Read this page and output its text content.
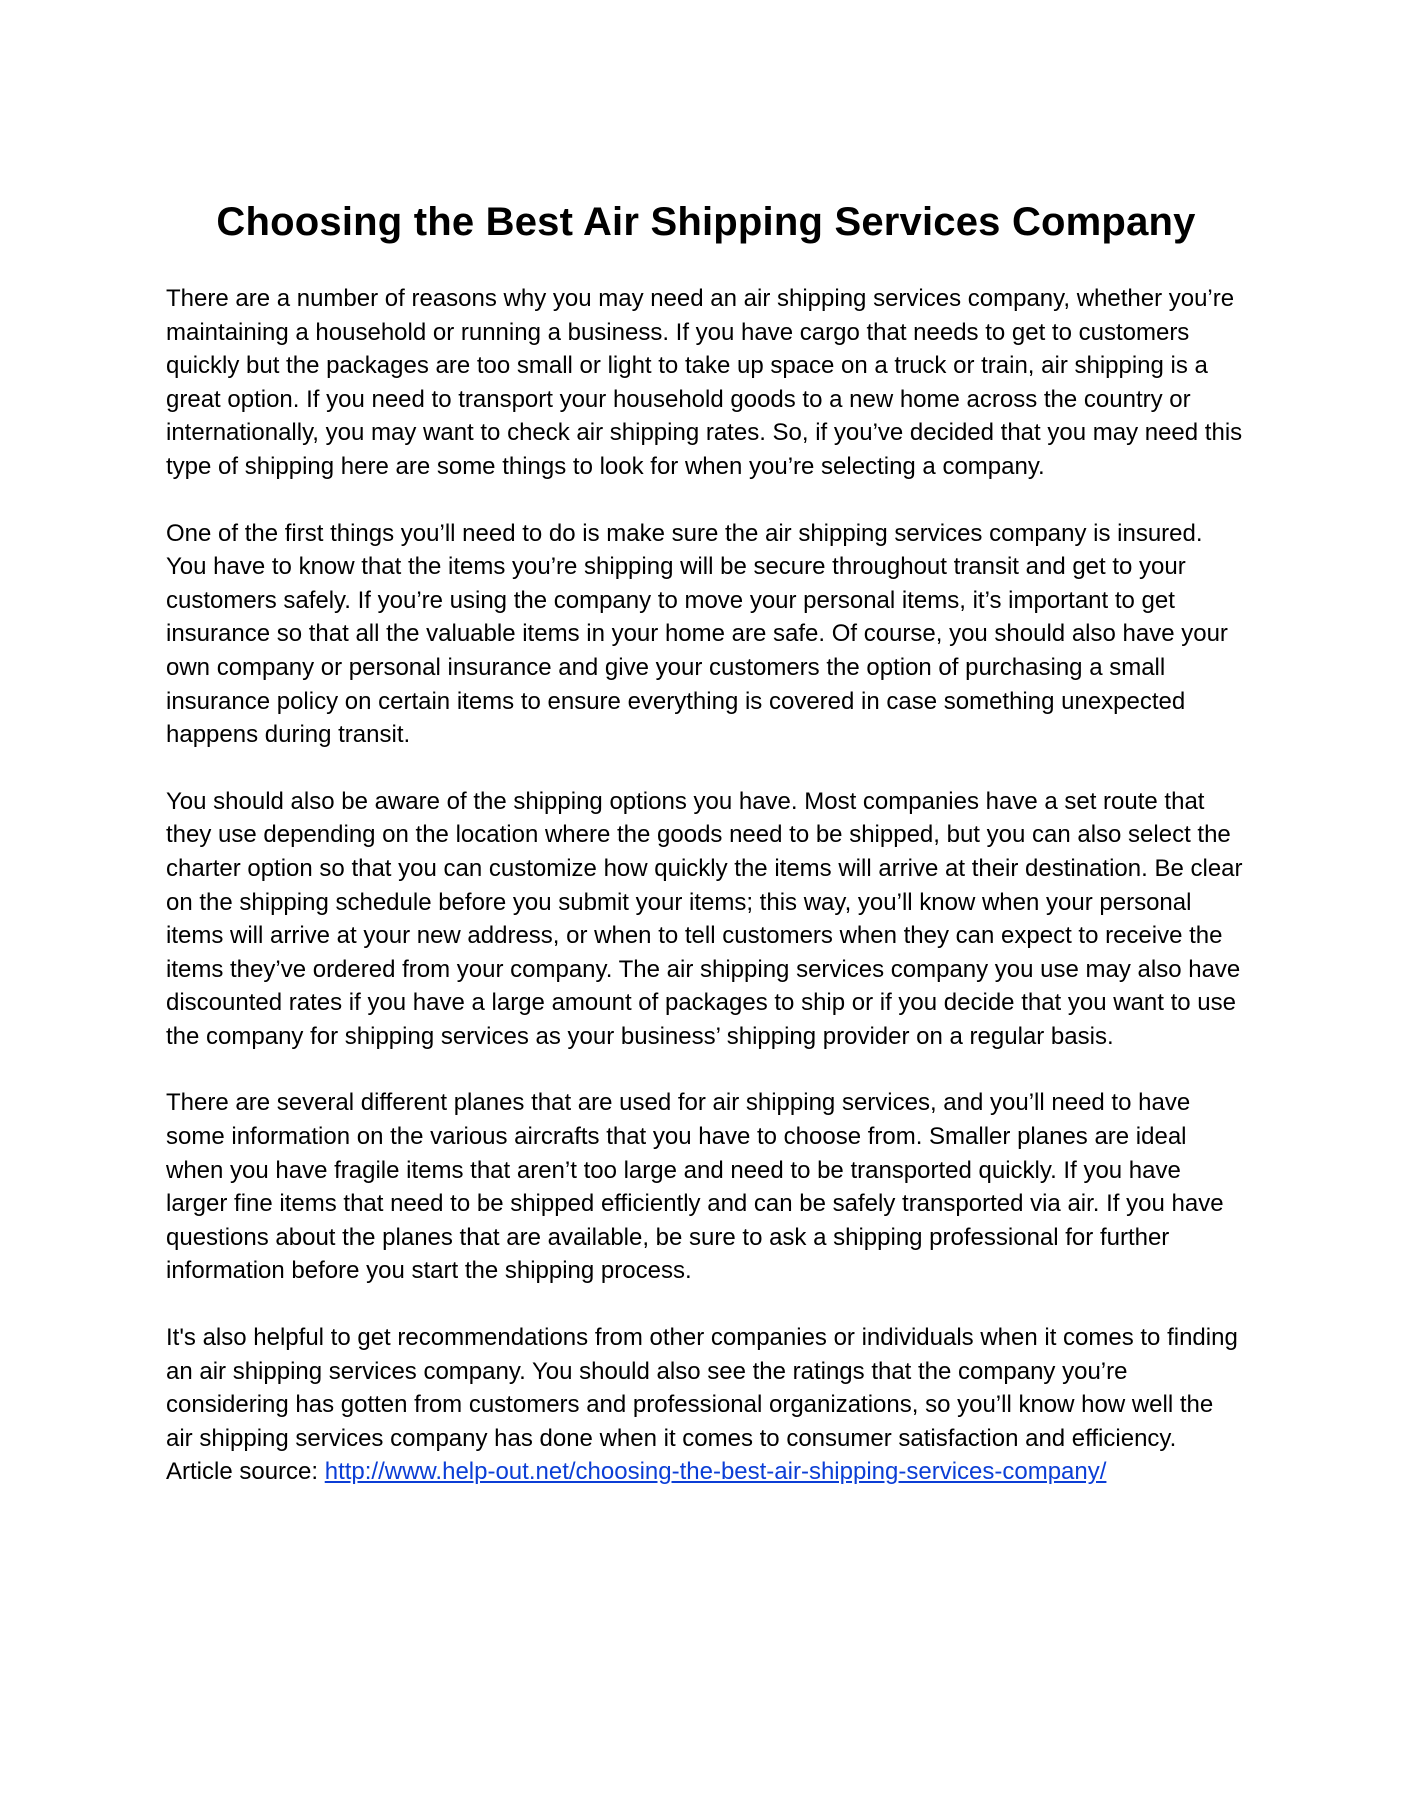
Choosing the Best Air Shipping Services Company

There are a number of reasons why you may need an air shipping services company, whether you’re maintaining a household or running a business. If you have cargo that needs to get to customers quickly but the packages are too small or light to take up space on a truck or train, air shipping is a great option. If you need to transport your household goods to a new home across the country or internationally, you may want to check air shipping rates. So, if you’ve decided that you may need this type of shipping here are some things to look for when you’re selecting a company.

One of the first things you’ll need to do is make sure the air shipping services company is insured. You have to know that the items you’re shipping will be secure throughout transit and get to your customers safely. If you’re using the company to move your personal items, it’s important to get insurance so that all the valuable items in your home are safe. Of course, you should also have your own company or personal insurance and give your customers the option of purchasing a small insurance policy on certain items to ensure everything is covered in case something unexpected happens during transit.

You should also be aware of the shipping options you have. Most companies have a set route that they use depending on the location where the goods need to be shipped, but you can also select the charter option so that you can customize how quickly the items will arrive at their destination. Be clear on the shipping schedule before you submit your items; this way, you’ll know when your personal items will arrive at your new address, or when to tell customers when they can expect to receive the items they’ve ordered from your company. The air shipping services company you use may also have discounted rates if you have a large amount of packages to ship or if you decide that you want to use the company for shipping services as your business’ shipping provider on a regular basis.

There are several different planes that are used for air shipping services, and you’ll need to have some information on the various aircrafts that you have to choose from. Smaller planes are ideal when you have fragile items that aren’t too large and need to be transported quickly. If you have larger fine items that need to be shipped efficiently and can be safely transported via air. If you have questions about the planes that are available, be sure to ask a shipping professional for further information before you start the shipping process.

It's also helpful to get recommendations from other companies or individuals when it comes to finding an air shipping services company. You should also see the ratings that the company you’re considering has gotten from customers and professional organizations, so you’ll know how well the air shipping services company has done when it comes to consumer satisfaction and efficiency.

Article source: http://www.help-out.net/choosing-the-best-air-shipping-services-company/
